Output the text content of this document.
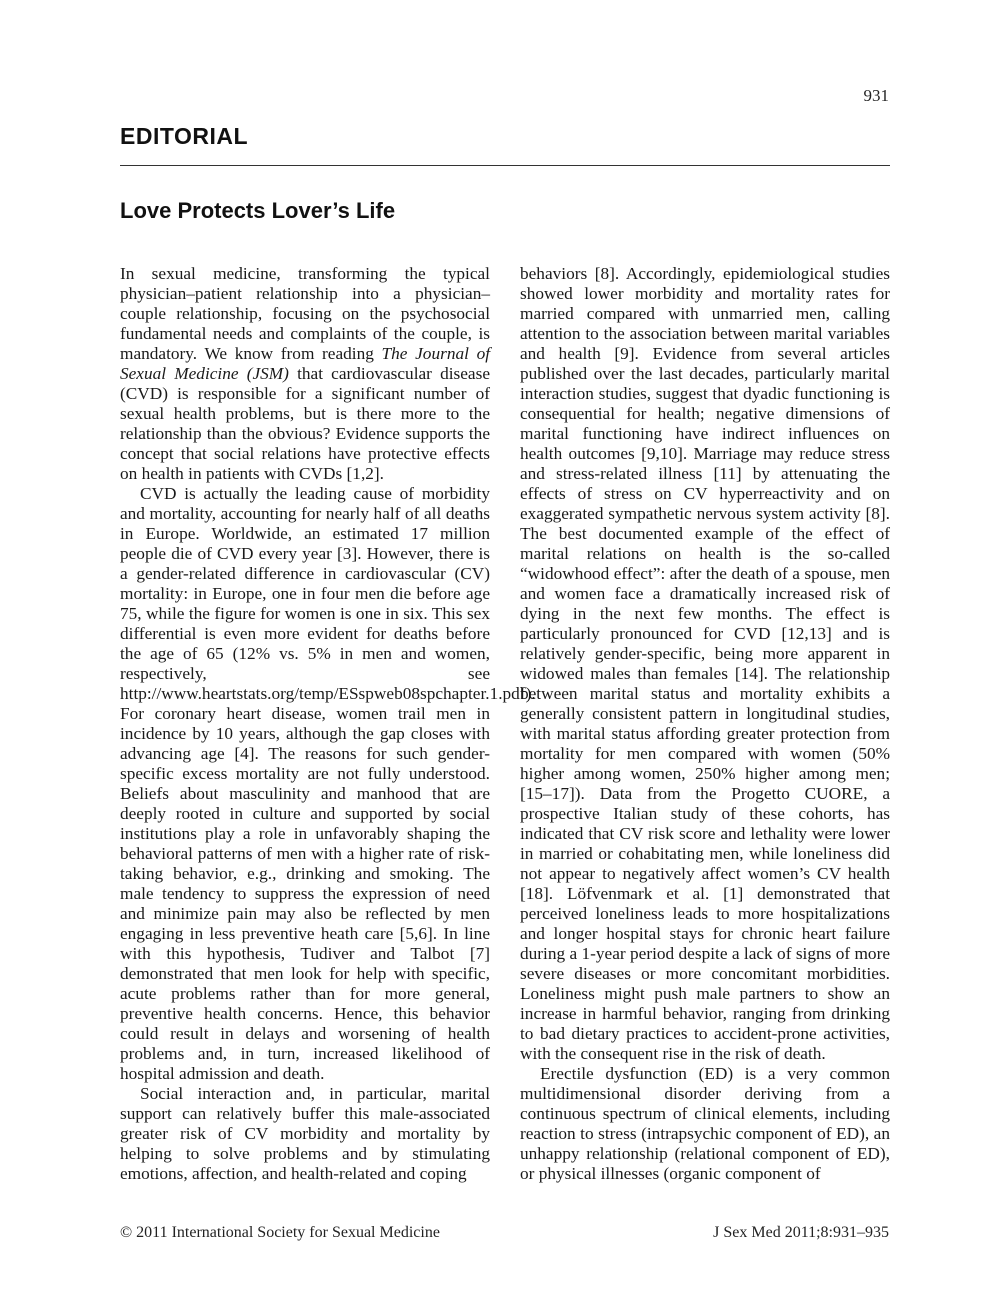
931
EDITORIAL
Love Protects Lover’s Life

In sexual medicine, transforming the typical physician–patient relationship into a physician–couple relationship, focusing on the psychosocial fundamental needs and complaints of the couple, is mandatory. We know from reading The Journal of Sexual Medicine (JSM) that cardiovascular disease (CVD) is responsible for a significant number of sexual health problems, but is there more to the relationship than the obvious? Evidence supports the concept that social relations have protective effects on health in patients with CVDs [1,2].

CVD is actually the leading cause of morbidity and mortality, accounting for nearly half of all deaths in Europe. Worldwide, an estimated 17 million people die of CVD every year [3]. However, there is a gender-related difference in cardiovascular (CV) mortality: in Europe, one in four men die before age 75, while the figure for women is one in six. This sex differential is even more evident for deaths before the age of 65 (12% vs. 5% in men and women, respectively, see http://www.heartstats.org/temp/ESspweb08spchapter.1.pdf). For coronary heart disease, women trail men in incidence by 10 years, although the gap closes with advancing age [4]. The reasons for such gender-specific excess mortality are not fully understood. Beliefs about masculinity and manhood that are deeply rooted in culture and supported by social institutions play a role in unfavorably shaping the behavioral patterns of men with a higher rate of risk-taking behavior, e.g., drinking and smoking. The male tendency to suppress the expression of need and minimize pain may also be reflected by men engaging in less preventive heath care [5,6]. In line with this hypothesis, Tudiver and Talbot [7] demonstrated that men look for help with specific, acute problems rather than for more general, preventive health concerns. Hence, this behavior could result in delays and worsening of health problems and, in turn, increased likelihood of hospital admission and death.

Social interaction and, in particular, marital support can relatively buffer this male-associated greater risk of CV morbidity and mortality by helping to solve problems and by stimulating emotions, affection, and health-related and coping

behaviors [8]. Accordingly, epidemiological studies showed lower morbidity and mortality rates for married compared with unmarried men, calling attention to the association between marital variables and health [9]. Evidence from several articles published over the last decades, particularly marital interaction studies, suggest that dyadic functioning is consequential for health; negative dimensions of marital functioning have indirect influences on health outcomes [9,10]. Marriage may reduce stress and stress-related illness [11] by attenuating the effects of stress on CV hyperreactivity and on exaggerated sympathetic nervous system activity [8]. The best documented example of the effect of marital relations on health is the so-called “widowhood effect”: after the death of a spouse, men and women face a dramatically increased risk of dying in the next few months. The effect is particularly pronounced for CVD [12,13] and is relatively gender-specific, being more apparent in widowed males than females [14]. The relationship between marital status and mortality exhibits a generally consistent pattern in longitudinal studies, with marital status affording greater protection from mortality for men compared with women (50% higher among women, 250% higher among men; [15–17]). Data from the Progetto CUORE, a prospective Italian study of these cohorts, has indicated that CV risk score and lethality were lower in married or cohabitating men, while loneliness did not appear to negatively affect women’s CV health [18]. Löfvenmark et al. [1] demonstrated that perceived loneliness leads to more hospitalizations and longer hospital stays for chronic heart failure during a 1-year period despite a lack of signs of more severe diseases or more concomitant morbidities. Loneliness might push male partners to show an increase in harmful behavior, ranging from drinking to bad dietary practices to accident-prone activities, with the consequent rise in the risk of death.

Erectile dysfunction (ED) is a very common multidimensional disorder deriving from a continuous spectrum of clinical elements, including reaction to stress (intrapsychic component of ED), an unhappy relationship (relational component of ED), or physical illnesses (organic component of

© 2011 International Society for Sexual Medicine	J Sex Med 2011;8:931–935
